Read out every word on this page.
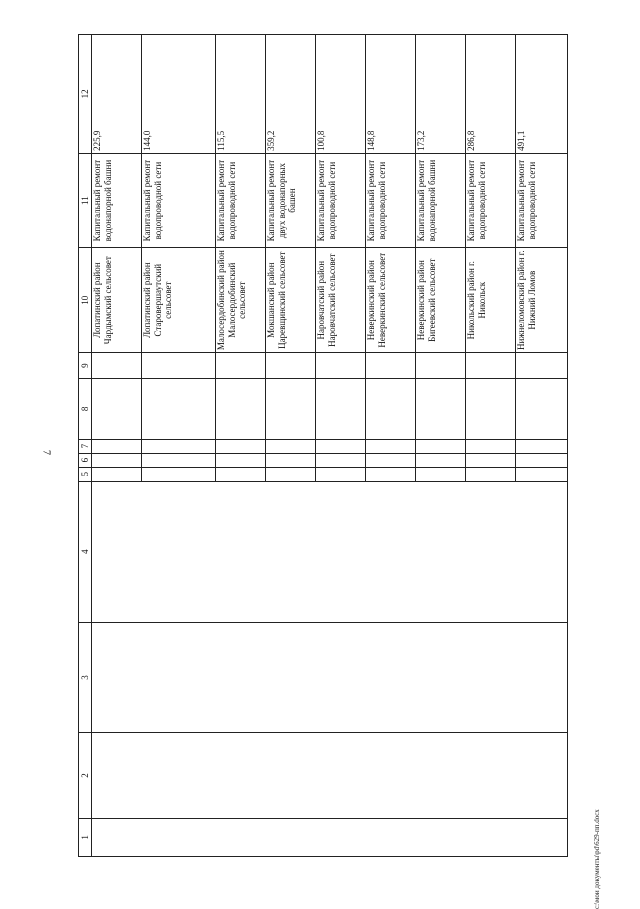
7
с:\мои документы\pd\629-пп.docx
1	2	3	4	5	6	7	8	9	10	11	12
									Лопатинский район Чардымский сельсовет	Капитальный ремонт водонапорной башни	225,9
									Лопатинский район Старовершаутский сельсовет	Капитальный ремонт водопроводной сети	144,0
									Малосердобинский район Малосердобинский сельсовет	Капитальный ремонт водопроводной сети	115,5
									Мокшанский район Царевщинский сельсовет	Капитальный ремонт двух водонапорных башен	359,2
									Наровчатский район Наровчатский сельсовет	Капитальный ремонт водопроводной сети	100,8
									Неверкинский район Неверкинский сельсовет	Капитальный ремонт водопроводной сети	148,8
									Неверкинский район Бигеевский сельсовет	Капитальный ремонт водонапорной башни	173,2
									Никольский район г. Никольск	Капитальный ремонт водопроводной сети	286,8
									Нижнеломовский район г. Нижний Ломов	Капитальный ремонт водопроводной сети	491,1
